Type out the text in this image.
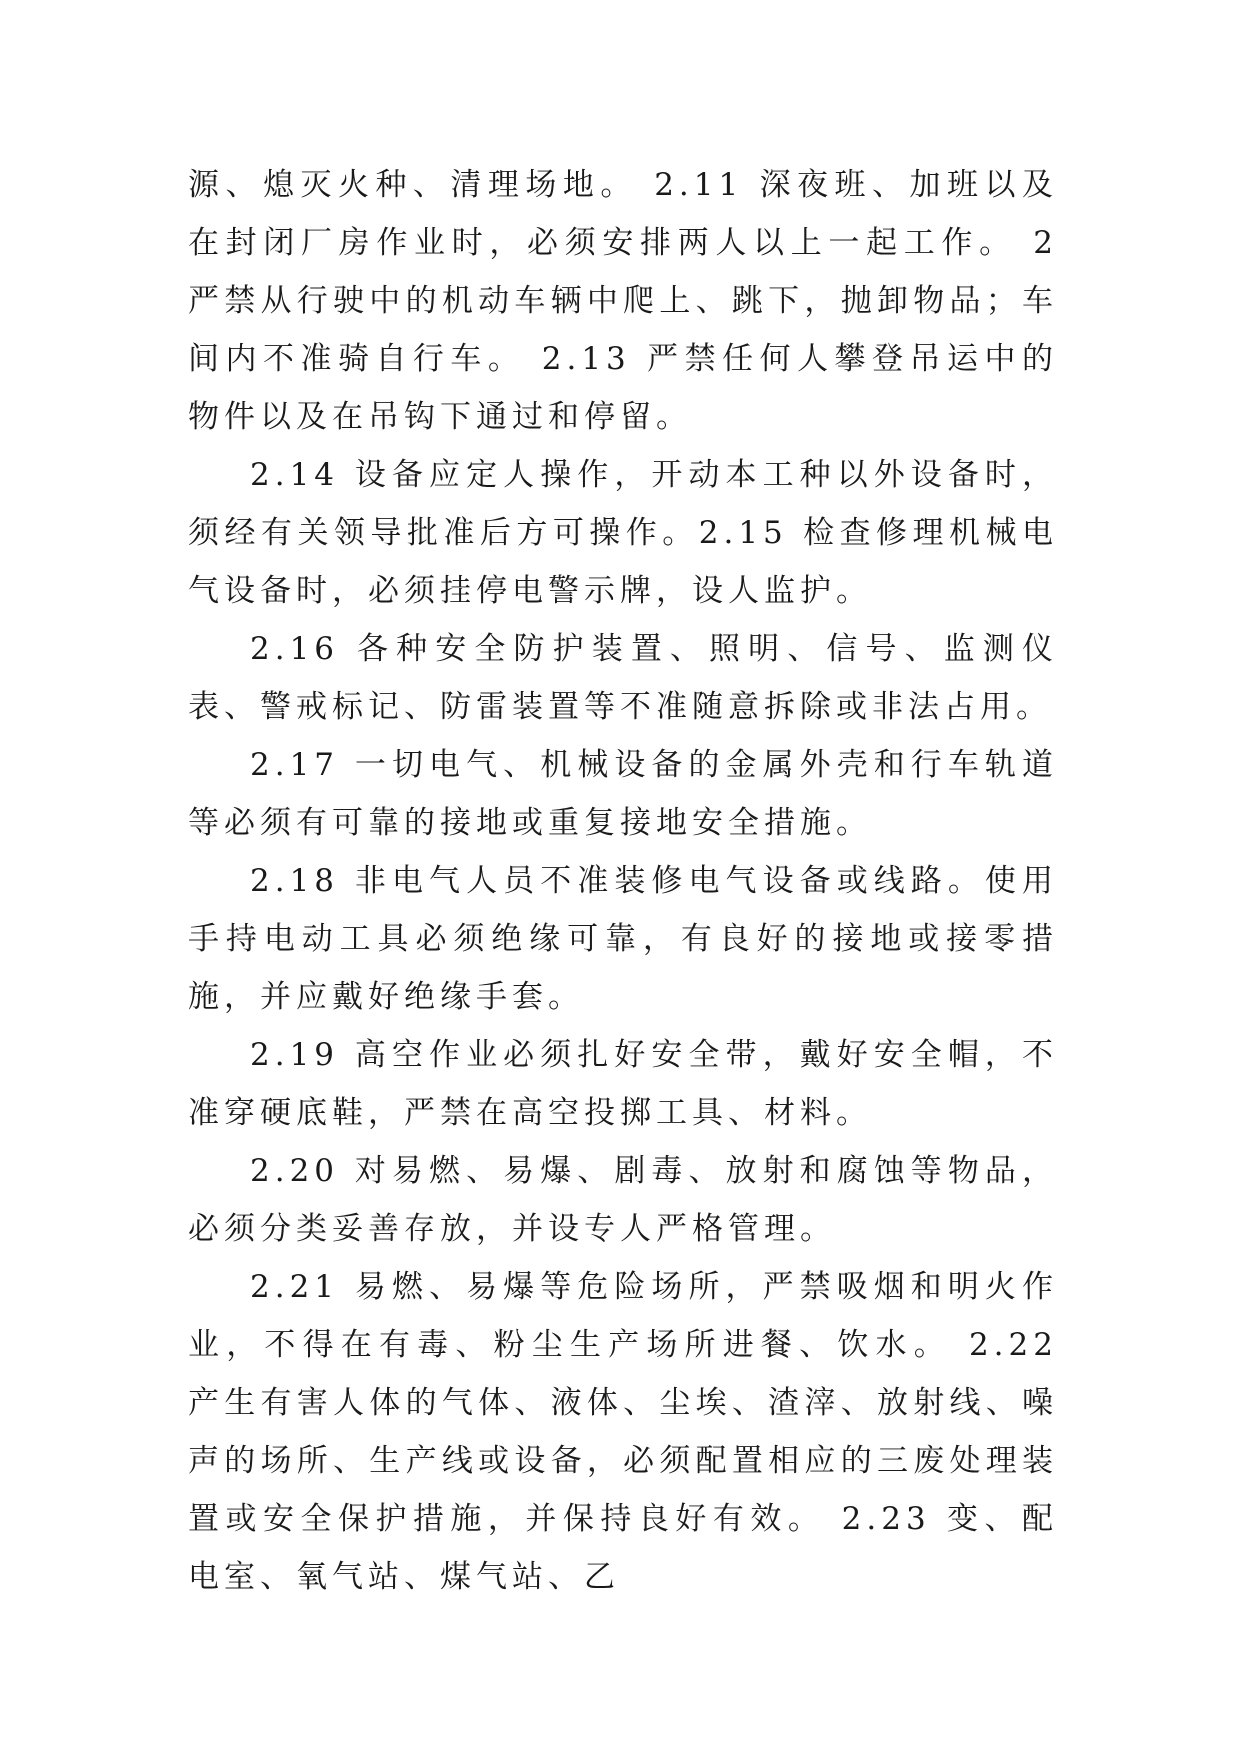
源、熄灭火种、清理场地。 2.11 深夜班、加班以及在封闭厂房作业时，必须安排两人以上一起工作。 2 严禁从行驶中的机动车辆中爬上、跳下，抛卸物品；车间内不准骑自行车。 2.13 严禁任何人攀登吊运中的物件以及在吊钩下通过和停留。

2.14 设备应定人操作，开动本工种以外设备时，须经有关领导批准后方可操作。2.15 检查修理机械电气设备时，必须挂停电警示牌，设人监护。

2.16 各种安全防护装置、照明、信号、监测仪表、警戒标记、防雷装置等不准随意拆除或非法占用。

2.17 一切电气、机械设备的金属外壳和行车轨道等必须有可靠的接地或重复接地安全措施。

2.18 非电气人员不准装修电气设备或线路。使用手持电动工具必须绝缘可靠，有良好的接地或接零措施，并应戴好绝缘手套。

2.19 高空作业必须扎好安全带，戴好安全帽，不准穿硬底鞋，严禁在高空投掷工具、材料。

2.20 对易燃、易爆、剧毒、放射和腐蚀等物品，必须分类妥善存放，并设专人严格管理。

2.21 易燃、易爆等危险场所，严禁吸烟和明火作业，不得在有毒、粉尘生产场所进餐、饮水。 2.22 产生有害人体的气体、液体、尘埃、渣滓、放射线、噪声的场所、生产线或设备，必须配置相应的三废处理装置或安全保护措施，并保持良好有效。 2.23 变、配电室、氧气站、煤气站、乙
